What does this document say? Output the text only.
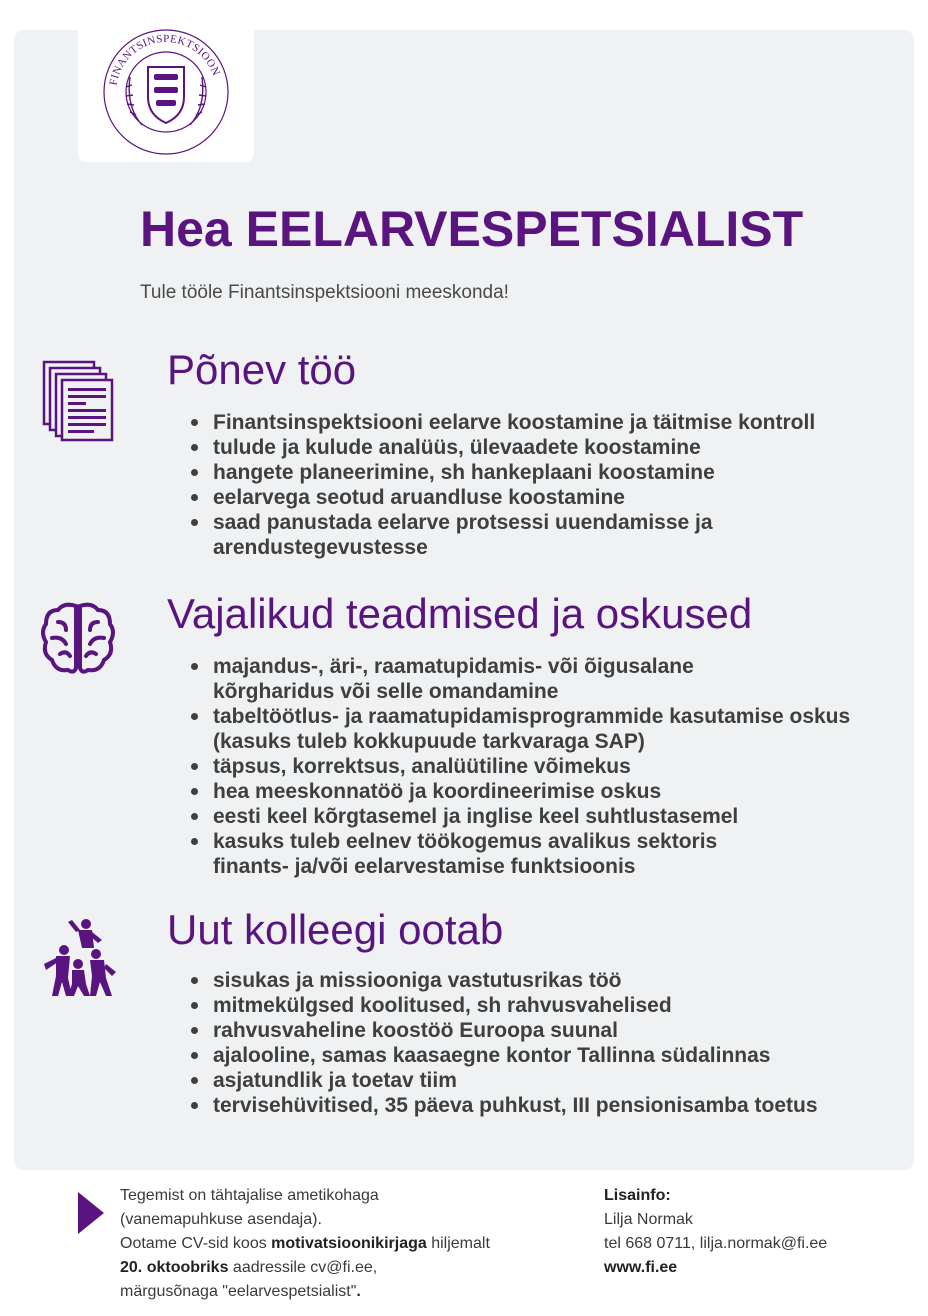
FINANTSINSPEKTSIOON
Hea EELARVESPETSIALIST
Tule tööle Finantsinspektsiooni meeskonda!
Põnev töö
Finantsinspektsiooni eelarve koostamine ja täitmise kontroll
tulude ja kulude analüüs, ülevaadete koostamine
hangete planeerimine, sh hankeplaani koostamine
eelarvega seotud aruandluse koostamine
saad panustada eelarve protsessi uuendamisse ja arendustegevustesse
Vajalikud teadmised ja oskused
majandus-, äri-, raamatupidamis- või õigusalane kõrgharidus või selle omandamine
tabeltöötlus- ja raamatupidamisprogrammide kasutamise oskus (kasuks tuleb kokkupuude tarkvaraga SAP)
täpsus, korrektsus, analüütiline võimekus
hea meeskonnatöö ja koordineerimise oskus
eesti keel kõrgtasemel ja inglise keel suhtlustasemel
kasuks tuleb eelnev töökogemus avalikus sektoris finants- ja/või eelarvestamise funktsioonis
Uut kolleegi ootab
sisukas ja missiooniga vastutusrikas töö
mitmekülgsed koolitused, sh rahvusvahelised
rahvusvaheline koostöö Euroopa suunal
ajalooline, samas kaasaegne kontor Tallinna südalinnas
asjatundlik ja toetav tiim
tervisehüvitised, 35 päeva puhkust, III pensionisamba toetus
Tegemist on tähtajalise ametikohaga
(vanemapuhkuse asendaja).
Ootame CV-sid koos motivatsioonikirjaga hiljemalt
20. oktoobriks aadressile cv@fi.ee,
märgusõnaga "eelarvespetsialist".
Lisainfo:
Lilja Normak
tel 668 0711, lilja.normak@fi.ee
www.fi.ee
